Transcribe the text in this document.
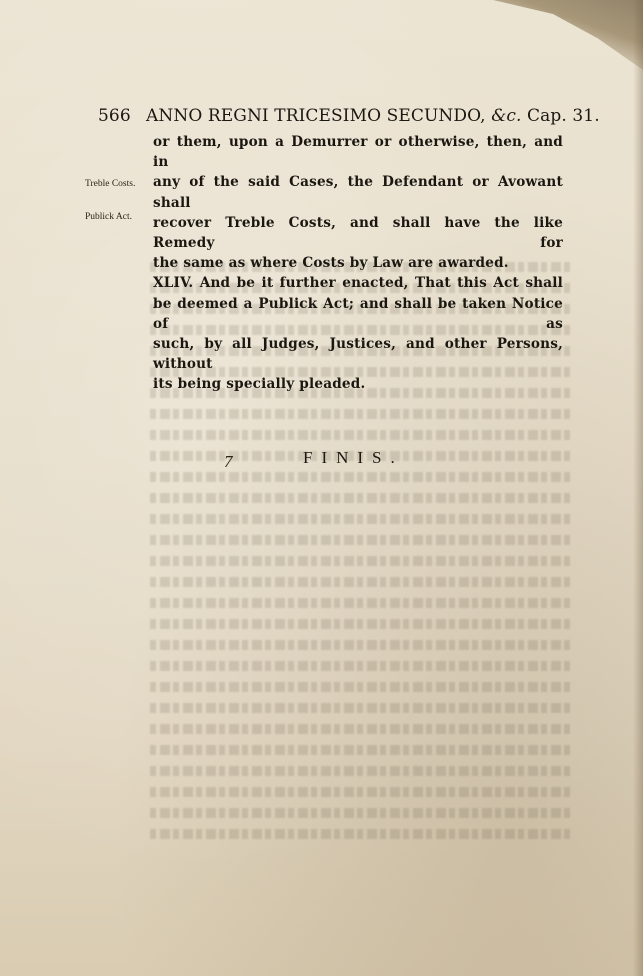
566 ANNO REGNI TRICESIMO SECUNDO, &c. Cap. 31.
Treble Costs.
Publick Act.

or them, upon a Demurrer or otherwise, then, and in

any of the said Cases, the Defendant or Avowant shall

recover Treble Costs, and shall have the like Remedy for

the same as where Costs by Law are awarded.

XLIV. And be it further enacted, That this Act shall

be deemed a Publick Act; and shall be taken Notice of as

such, by all Judges, Justices, and other Persons, without

its being specially pleaded.

7	FINIS.
